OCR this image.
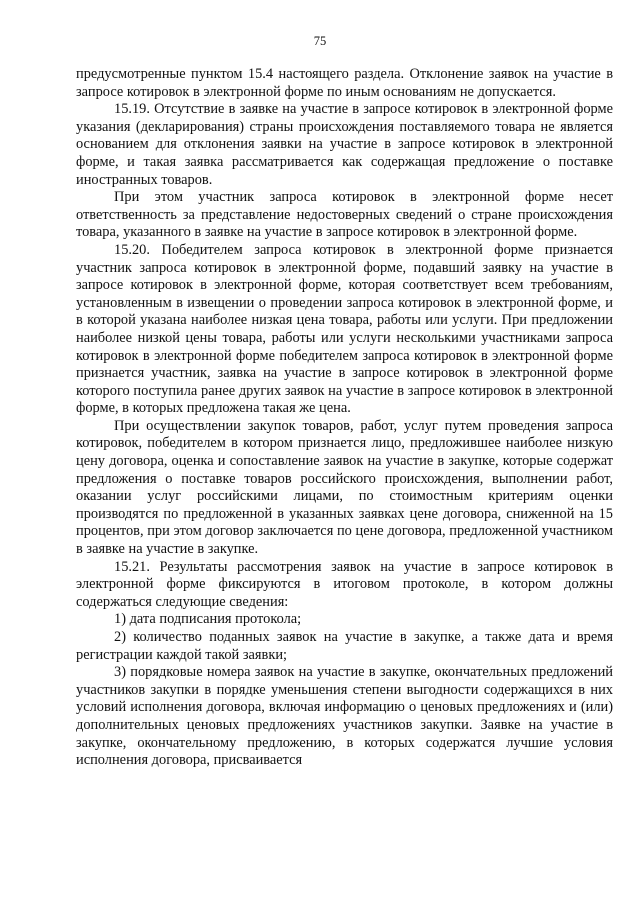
75

предусмотренные пунктом 15.4 настоящего раздела. Отклонение заявок на участие в запросе котировок в электронной форме по иным основаниям не допускается.

15.19. Отсутствие в заявке на участие в запросе котировок в электронной форме указания (декларирования) страны происхождения поставляемого товара не является основанием для отклонения заявки на участие в запросе котировок в электронной форме, и такая заявка рассматривается как содержащая предложение о поставке иностранных товаров.

При этом участник запроса котировок в электронной форме несет ответственность за представление недостоверных сведений о стране происхождения товара, указанного в заявке на участие в запросе котировок в электронной форме.

15.20. Победителем запроса котировок в электронной форме признается участник запроса котировок в электронной форме, подавший заявку на участие в запросе котировок в электронной форме, которая соответствует всем требованиям, установленным в извещении о проведении запроса котировок в электронной форме, и в которой указана наиболее низкая цена товара, работы или услуги. При предложении наиболее низкой цены товара, работы или услуги несколькими участниками запроса котировок в электронной форме победителем запроса котировок в электронной форме признается участник, заявка на участие в запросе котировок в электронной форме которого поступила ранее других заявок на участие в запросе котировок в электронной форме, в которых предложена такая же цена.

При осуществлении закупок товаров, работ, услуг путем проведения запроса котировок, победителем в котором признается лицо, предложившее наиболее низкую цену договора, оценка и сопоставление заявок на участие в закупке, которые содержат предложения о поставке товаров российского происхождения, выполнении работ, оказании услуг российскими лицами, по стоимостным критериям оценки производятся по предложенной в указанных заявках цене договора, сниженной на 15 процентов, при этом договор заключается по цене договора, предложенной участником в заявке на участие в закупке.

15.21. Результаты рассмотрения заявок на участие в запросе котировок в электронной форме фиксируются в итоговом протоколе, в котором должны содержаться следующие сведения:

1) дата подписания протокола;

2) количество поданных заявок на участие в закупке, а также дата и время регистрации каждой такой заявки;

3) порядковые номера заявок на участие в закупке, окончательных предложений участников закупки в порядке уменьшения степени выгодности содержащихся в них условий исполнения договора, включая информацию о ценовых предложениях и (или) дополнительных ценовых предложениях участников закупки. Заявке на участие в закупке, окончательному предложению, в которых содержатся лучшие условия исполнения договора, присваивается
